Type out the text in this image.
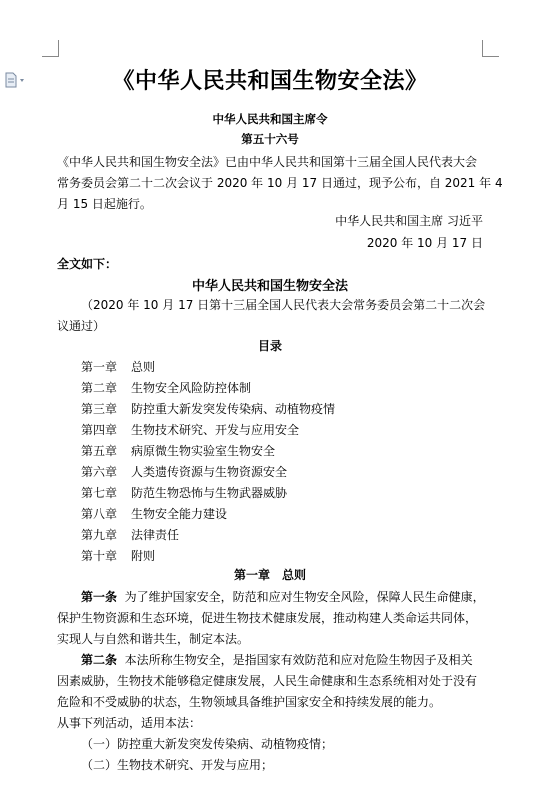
《中华人民共和国生物安全法》
中华人民共和国主席令
第五十六号
《中华人民共和国生物安全法》已由中华人民共和国第十三届全国人民代表大会
常务委员会第二十二次会议于 2020 年 10 月 17 日通过，现予公布，自 2021 年 4
月 15 日起施行。
中华人民共和国主席 习近平
2020 年 10 月 17 日
全文如下：
中华人民共和国生物安全法
（2020 年 10 月 17 日第十三届全国人民代表大会常务委员会第二十二次会
议通过）
目录
第一章 总则
第二章 生物安全风险防控体制
第三章 防控重大新发突发传染病、动植物疫情
第四章 生物技术研究、开发与应用安全
第五章 病原微生物实验室生物安全
第六章 人类遗传资源与生物资源安全
第七章 防范生物恐怖与生物武器威胁
第八章 生物安全能力建设
第九章 法律责任
第十章 附则
第一章　总则
第一条 为了维护国家安全，防范和应对生物安全风险，保障人民生命健康，
保护生物资源和生态环境，促进生物技术健康发展，推动构建人类命运共同体，
实现人与自然和谐共生，制定本法。
第二条 本法所称生物安全，是指国家有效防范和应对危险生物因子及相关
因素威胁，生物技术能够稳定健康发展，人民生命健康和生态系统相对处于没有
危险和不受威胁的状态，生物领域具备维护国家安全和持续发展的能力。
从事下列活动，适用本法：
（一）防控重大新发突发传染病、动植物疫情；
（二）生物技术研究、开发与应用；
